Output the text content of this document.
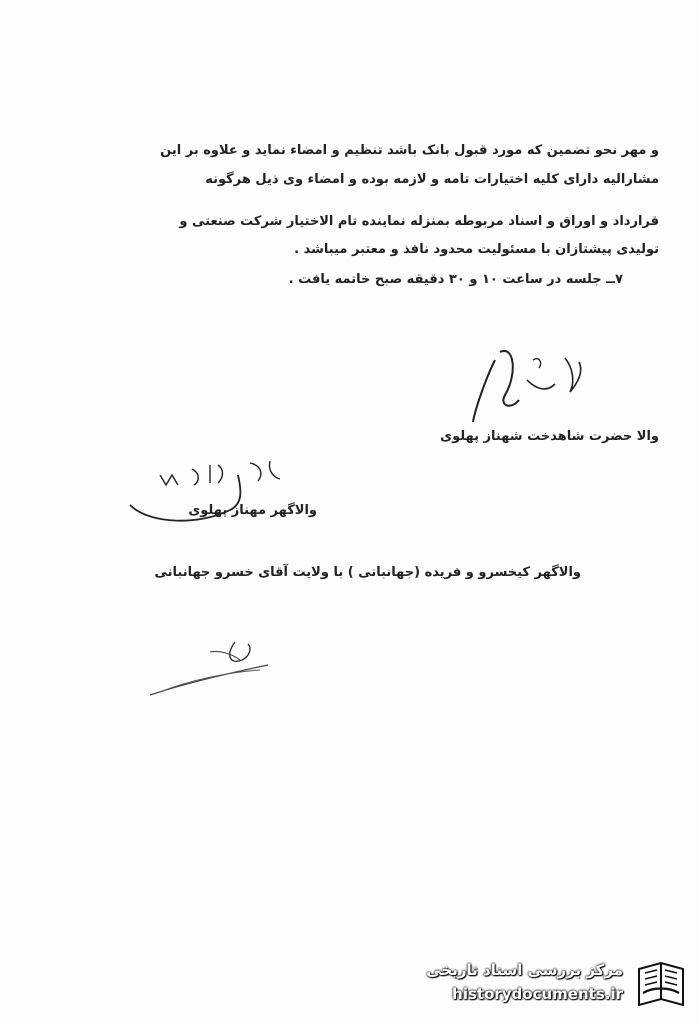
و مهر نحو تضمین که مورد قبول بانک باشد تنظیم و امضاء نماید و علاوه بر این
مشارالیه دارای کلیه اختیارات تامه و لازمه بوده و امضاء وی ذیل هرگونه
قرارداد و اوراق و اسناد مربوطه بمنزله نماینده تام الاختیار شرکت صنعتی و
تولیدی پیشتازان با مسئولیت محدود نافذ و معتبر میباشد .
۷ــ جلسه در ساعت ۱۰ و ۳۰ دقیقه صبح خاتمه یافت .
والا حضرت شاهدخت شهناز پهلوی
والاگهر مهناز پهلوی
والاگهر کیخسرو و فریده (جهانبانی ) با ولایت آقای خسرو جهانبانی
مرکز بررسی اسناد تاریخی
historydocuments.ir
